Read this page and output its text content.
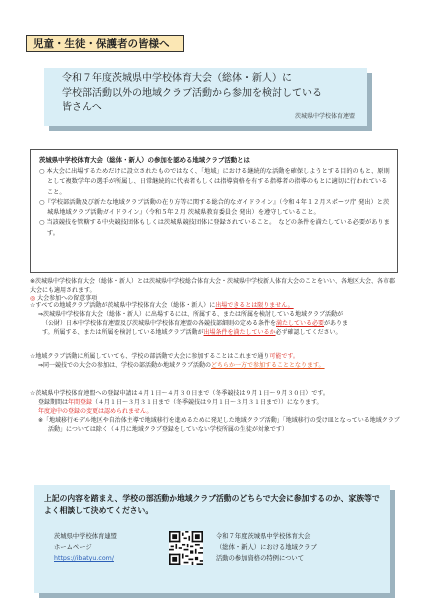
児童・生徒・保護者の皆様へ
令和７年度茨城県中学校体育大会（総体・新人）に
学校部活動以外の地域クラブ活動から参加を検討している
皆さんへ
茨城県中学校体育連盟
茨城県中学校体育大会（総体・新人）の参加を認める地域クラブ活動とは
○ 本大会に出場するためだけに設立されたものではなく、「地域」における継続的な活動を確保しようとする目的のもと、原則として複数学年の選手が所属し、日常継続的に代表者もしくは指導資格を有する指導者の指導のもとに適切に行われていること。
○『学校部活動及び新たな地域クラブ活動の在り方等に関する総合的なガイドライン』（令和４年１２月スポーツ庁 発出）と茨城県地域クラブ活動ガイドライン』（令和５年２月 茨城県教育委員会 発出）を遵守していること。
○ 当該競技を管轄する中央競技団体もしくは茨城県競技団体に登録されていること。　などの条件を満たしている必要があります。
※茨城県中学校体育大会（総体・新人）とは茨城県中学校総合体育大会・茨城県中学校新人体育大会のことをいい、各地区大会、各市郡大会にも適用されます。
◎ 大会参加への留意事項
☆すべての地域クラブ活動が茨城県中学校体育大会（総体・新人）に出場できるとは限りません。
⇒茨城県中学校体育大会（総体・新人）に出場するには、所属する、または所属を検討している地域クラブ活動が
（公財）日本中学校体育連盟及び茨城県中学校体育連盟の各競技部細則の定める条件を満たしている必要がありま
す。所属する、または所属を検討している地域クラブ活動が出場条件を満たしているか必ず確認してください。
☆地域クラブ活動に所属していても、学校の部活動で大会に参加することはこれまで通り可能です。
⇒同一競技での大会の参加は、学校の部活動か地域クラブ活動のどちらか一方で参加することとなります。
☆茨城県中学校体育連盟への登録申請は４月１日〜４月３０日まで（冬季競技は９月１日〜９月３０日）です。
登録期間は年間登録（４月１日〜３月３１日まで（冬季競技は９月１日〜３月３１日まで））になります。
年度途中の登録の変更は認められません。
※「地域移行モデル地区や自治体主導で地域移行を進めるために発足した地域クラブ活動」「地域移行の受け皿となっている地域クラブ活動」については除く（４月に地域クラブ登録をしていない学校所属の生徒が対象です）
上記の内容を踏まえ、学校の部活動か地域クラブ活動のどちらで大会に参加するのか、家族等でよく相談して決めてください。
茨城県中学校体育連盟
ホームページ
https://ibatyu.com/
令和７年度茨城県中学校体育大会
（総体・新人）における地域クラブ
活動の参加資格の特例について
